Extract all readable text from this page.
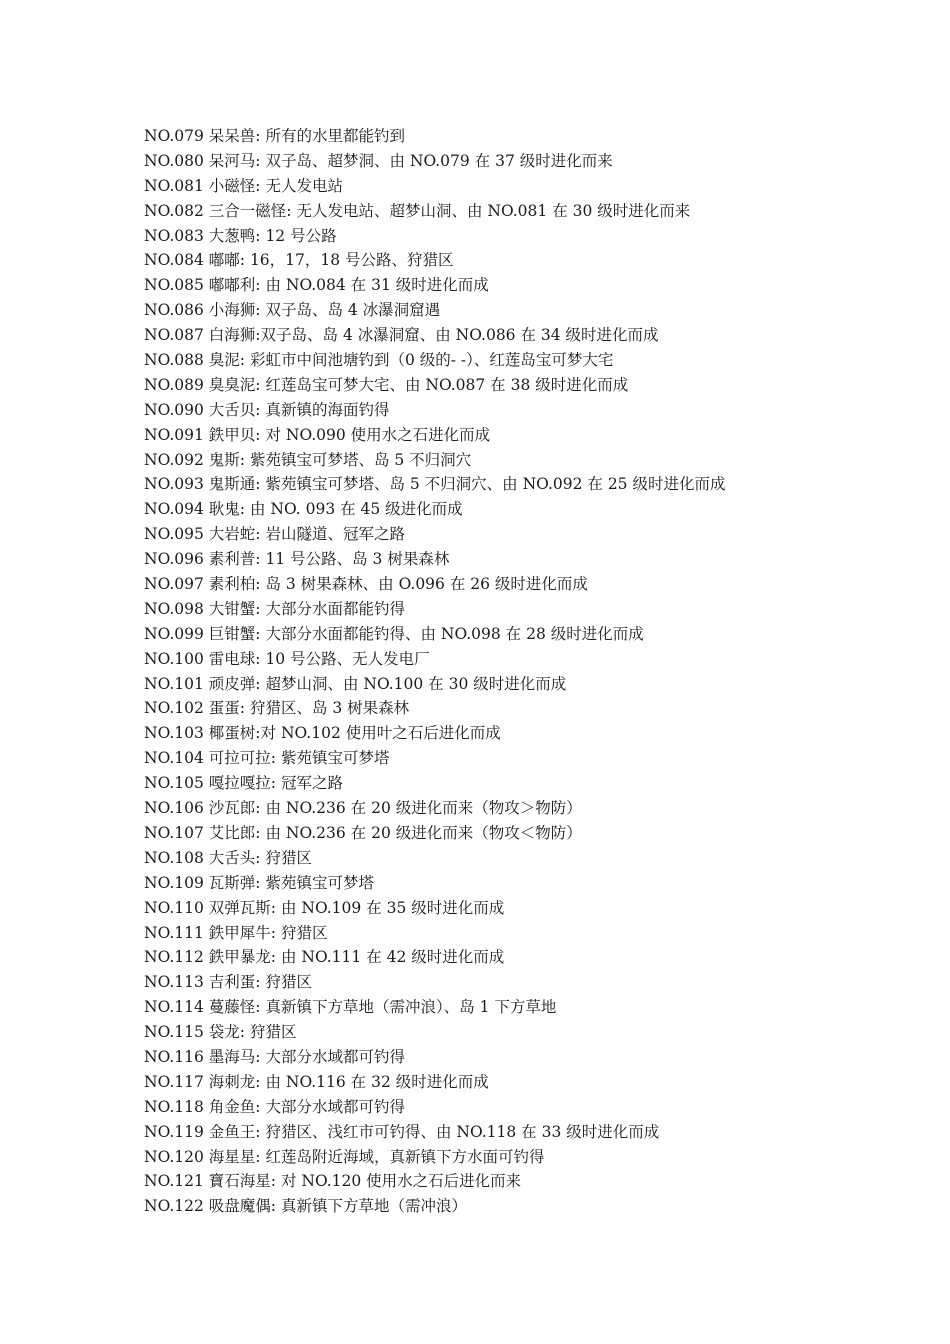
NO.079 呆呆兽: 所有的水里都能钓到
NO.080 呆河马: 双子岛、超梦洞、由 NO.079 在 37 级时进化而来
NO.081 小磁怪: 无人发电站
NO.082 三合一磁怪: 无人发电站、超梦山洞、由 NO.081 在 30 级时进化而来
NO.083 大葱鸭: 12 号公路
NO.084 嘟嘟: 16，17，18 号公路、狩猎区
NO.085 嘟嘟利: 由 NO.084 在 31 级时进化而成
NO.086 小海狮: 双子岛、岛 4 冰瀑洞窟遇
NO.087 白海狮:双子岛、岛 4 冰瀑洞窟、由 NO.086 在 34 级时进化而成
NO.088 臭泥: 彩虹市中间池塘钓到（0 级的- -）、红莲岛宝可梦大宅
NO.089 臭臭泥: 红莲岛宝可梦大宅、由 NO.087 在 38 级时进化而成
NO.090 大舌贝: 真新镇的海面钓得
NO.091 鉄甲贝: 对 NO.090 使用水之石进化而成
NO.092 鬼斯: 紫苑镇宝可梦塔、岛 5 不归洞穴
NO.093 鬼斯通: 紫苑镇宝可梦塔、岛 5 不归洞穴、由 NO.092 在 25 级时进化而成
NO.094 耿鬼: 由 NO. 093 在 45 级进化而成
NO.095 大岩蛇: 岩山隧道、冠军之路
NO.096 素利普: 11 号公路、岛 3 树果森林
NO.097 素利柏: 岛 3 树果森林、由 O.096 在 26 级时进化而成
NO.098 大钳蟹: 大部分水面都能钓得
NO.099 巨钳蟹: 大部分水面都能钓得、由 NO.098 在 28 级时进化而成
NO.100 雷电球: 10 号公路、无人发电厂
NO.101 顽皮弹: 超梦山洞、由 NO.100 在 30 级时进化而成
NO.102 蛋蛋: 狩猎区、岛 3 树果森林
NO.103 椰蛋树:对 NO.102 使用叶之石后进化而成
NO.104 可拉可拉: 紫苑镇宝可梦塔
NO.105 嘎拉嘎拉: 冠军之路
NO.106 沙瓦郎: 由 NO.236 在 20 级进化而来（物攻＞物防）
NO.107 艾比郎: 由 NO.236 在 20 级进化而来（物攻＜物防）
NO.108 大舌头: 狩猎区
NO.109 瓦斯弹: 紫苑镇宝可梦塔
NO.110 双弹瓦斯: 由 NO.109 在 35 级时进化而成
NO.111 鉄甲犀牛: 狩猎区
NO.112 鉄甲暴龙: 由 NO.111 在 42 级时进化而成
NO.113 吉利蛋: 狩猎区
NO.114 蔓藤怪: 真新镇下方草地（需冲浪）、岛 1 下方草地
NO.115 袋龙: 狩猎区
NO.116 墨海马: 大部分水域都可钓得
NO.117 海刺龙: 由 NO.116 在 32 级时进化而成
NO.118 角金鱼: 大部分水域都可钓得
NO.119 金鱼王: 狩猎区、浅红市可钓得、由 NO.118 在 33 级时进化而成
NO.120 海星星: 红莲岛附近海域，真新镇下方水面可钓得
NO.121 寶石海星: 对 NO.120 使用水之石后进化而来
NO.122 吸盘魔偶: 真新镇下方草地（需冲浪）
